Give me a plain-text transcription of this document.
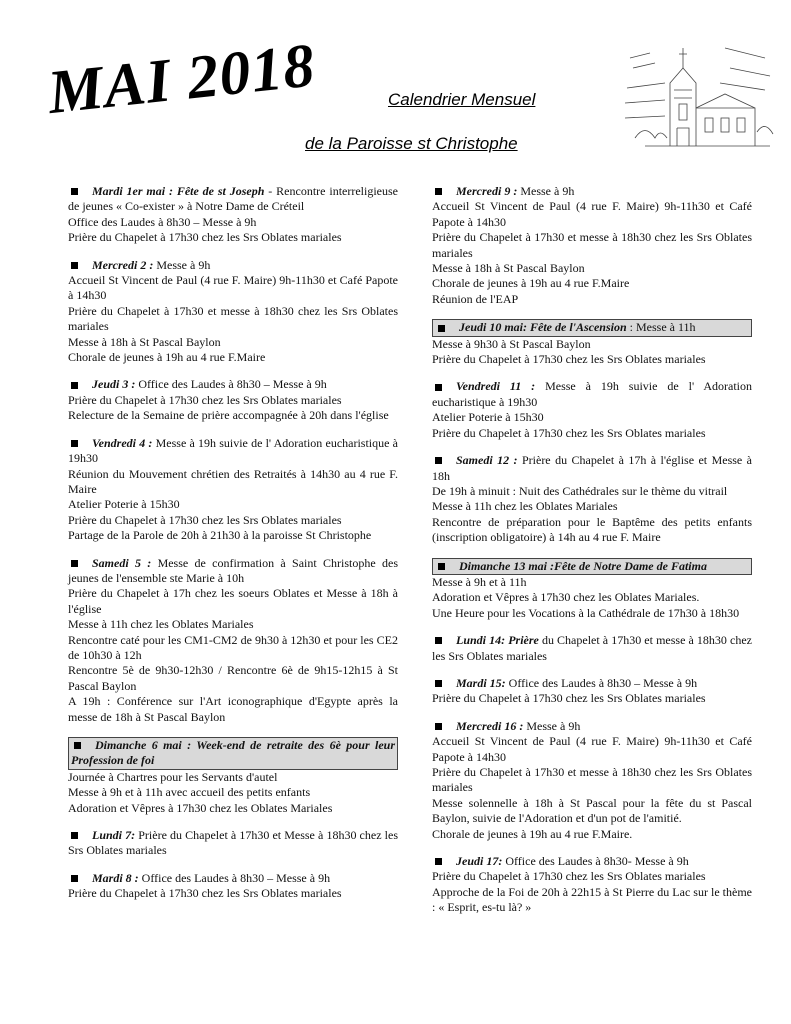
MAI 2018	Calendrier Mensuel
de la Paroisse st Christophe
Mardi 1er mai : Fête de st Joseph - Rencontre interreligieuse de jeunes « Co-exister » à Notre Dame de Créteil
Office des Laudes à 8h30 – Messe à 9h
Prière du Chapelet à 17h30 chez les Srs Oblates mariales
Mercredi 2 : Messe à 9h
Accueil St Vincent de Paul (4 rue F. Maire) 9h-11h30 et Café Papote à 14h30
Prière du Chapelet à 17h30 et messe à 18h30 chez les Srs Oblates mariales
Messe à 18h à St Pascal Baylon
Chorale de jeunes à 19h au 4 rue F.Maire
Jeudi 3 : Office des Laudes à 8h30 – Messe à 9h
Prière du Chapelet à 17h30 chez les Srs Oblates mariales
Relecture de la Semaine de prière accompagnée à 20h dans l'église
Vendredi 4 : Messe à 19h suivie de l' Adoration eucharistique à 19h30
Réunion du Mouvement chrétien des Retraités à 14h30 au 4 rue F. Maire
Atelier Poterie à 15h30
Prière du Chapelet à 17h30 chez les Srs Oblates mariales
Partage de la Parole de 20h à 21h30 à la paroisse St Christophe
Samedi 5 : Messe de confirmation à Saint Christophe des jeunes de l'ensemble ste Marie à 10h
Prière du Chapelet à 17h chez les soeurs Oblates et Messe à 18h à l'église
Messe à 11h chez les Oblates Mariales
Rencontre caté pour les CM1-CM2 de 9h30 à 12h30 et pour les CE2 de 10h30 à 12h
Rencontre 5è de 9h30-12h30 / Rencontre 6è de 9h15-12h15 à St Pascal Baylon
A 19h : Conférence sur l'Art iconographique d'Egypte après la messe de 18h à St Pascal Baylon
Dimanche 6 mai : Week-end de retraite des 6è pour leur Profession de foi
Journée à Chartres pour les Servants d'autel
Messe à 9h et à 11h avec accueil des petits enfants
Adoration et Vêpres à 17h30 chez les Oblates Mariales
Lundi 7: Prière du Chapelet à 17h30 et Messe à 18h30 chez les Srs Oblates mariales
Mardi 8 : Office des Laudes à 8h30 – Messe à 9h
Prière du Chapelet à 17h30 chez les Srs Oblates mariales
Mercredi 9 : Messe à 9h
Accueil St Vincent de Paul (4 rue F. Maire) 9h-11h30 et Café Papote à 14h30
Prière du Chapelet à 17h30 et messe à 18h30 chez les Srs Oblates mariales
Messe à 18h à St Pascal Baylon
Chorale de jeunes à 19h au 4 rue F.Maire
Réunion de l'EAP
Jeudi 10 mai: Fête de l'Ascension : Messe à 11h
Messe à 9h30 à St Pascal Baylon
Prière du Chapelet à 17h30 chez les Srs Oblates mariales
Vendredi 11 : Messe à 19h suivie de l' Adoration eucharistique à 19h30
Atelier Poterie à 15h30
Prière du Chapelet à 17h30 chez les Srs Oblates mariales
Samedi 12 : Prière du Chapelet à 17h à l'église et Messe à 18h
De 19h à minuit : Nuit des Cathédrales sur le thème du vitrail
Messe à 11h chez les Oblates Mariales
Rencontre de préparation pour le Baptême des petits enfants (inscription obligatoire) à 14h au 4 rue F. Maire
Dimanche 13 mai :Fête de Notre Dame de Fatima
Messe à 9h et à 11h
Adoration et Vêpres à 17h30 chez les Oblates Mariales.
Une Heure pour les Vocations à la Cathédrale de 17h30 à 18h30
Lundi 14: Prière du Chapelet à 17h30 et messe à 18h30 chez les Srs Oblates mariales
Mardi 15: Office des Laudes à 8h30 – Messe à 9h
Prière du Chapelet à 17h30 chez les Srs Oblates mariales
Mercredi 16 : Messe à 9h
Accueil St Vincent de Paul (4 rue F. Maire) 9h-11h30 et Café Papote à 14h30
Prière du Chapelet à 17h30 et messe à 18h30 chez les Srs Oblates mariales
Messe solennelle à 18h à St Pascal pour la fête du st Pascal Baylon, suivie de l'Adoration et d'un pot de l'amitié.
Chorale de jeunes à 19h au 4 rue F.Maire.
Jeudi 17: Office des Laudes à 8h30- Messe à 9h
Prière du Chapelet à 17h30 chez les Srs Oblates mariales
Approche de la Foi de 20h à 22h15 à St Pierre du Lac sur le thème : « Esprit, es-tu là? »
